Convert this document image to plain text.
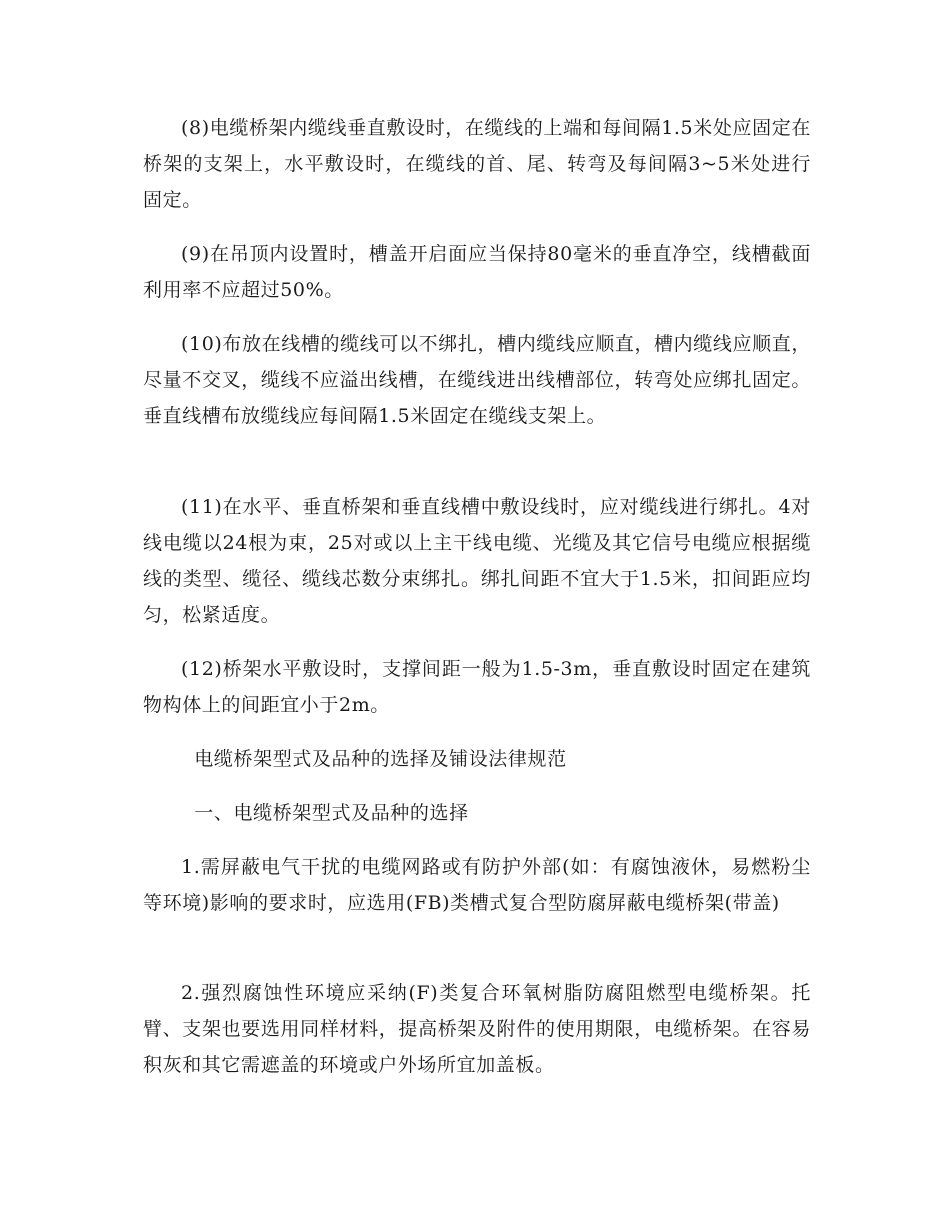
(8)电缆桥架内缆线垂直敷设时，在缆线的上端和每间隔1.5米处应固定在桥架的支架上，水平敷设时，在缆线的首、尾、转弯及每间隔3~5米处进行固定。

(9)在吊顶内设置时，槽盖开启面应当保持80毫米的垂直净空，线槽截面利用率不应超过50%。

(10)布放在线槽的缆线可以不绑扎，槽内缆线应顺直，槽内缆线应顺直，尽量不交叉，缆线不应溢出线槽，在缆线进出线槽部位，转弯处应绑扎固定。垂直线槽布放缆线应每间隔1.5米固定在缆线支架上。

(11)在水平、垂直桥架和垂直线槽中敷设线时，应对缆线进行绑扎。4对线电缆以24根为束，25对或以上主干线电缆、光缆及其它信号电缆应根据缆线的类型、缆径、缆线芯数分束绑扎。绑扎间距不宜大于1.5米，扣间距应均匀，松紧适度。

(12)桥架水平敷设时，支撑间距一般为1.5-3m，垂直敷设时固定在建筑物构体上的间距宜小于2m。

电缆桥架型式及品种的选择及铺设法律规范

一、电缆桥架型式及品种的选择

1.需屏蔽电气干扰的电缆网路或有防护外部(如：有腐蚀液休，易燃粉尘等环境)影响的要求时，应选用(FB)类槽式复合型防腐屏蔽电缆桥架(带盖)

2.强烈腐蚀性环境应采纳(F)类复合环氧树脂防腐阻燃型电缆桥架。托臂、支架也要选用同样材料，提高桥架及附件的使用期限，电缆桥架。在容易积灰和其它需遮盖的环境或户外场所宜加盖板。
